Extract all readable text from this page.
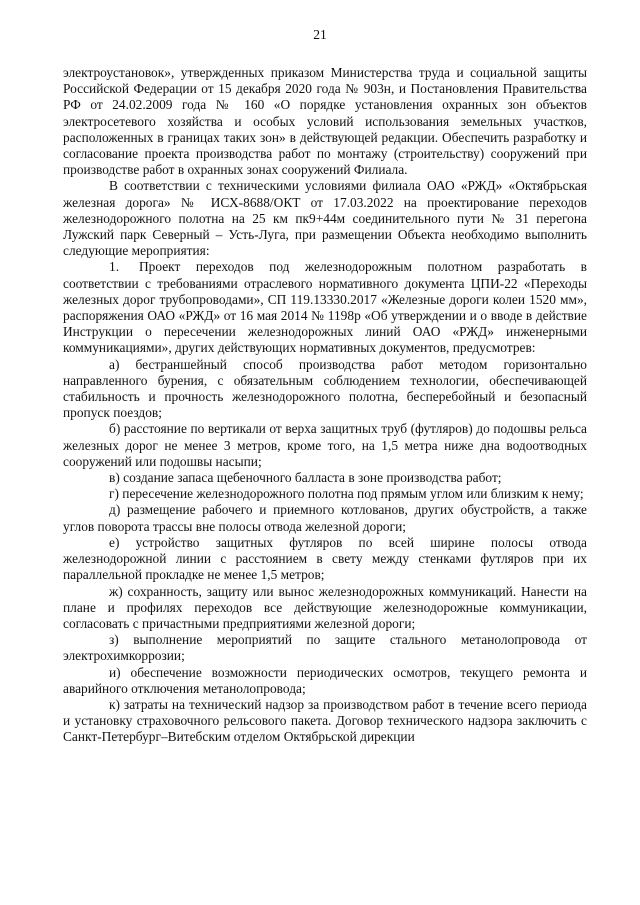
21

электроустановок», утвержденных приказом Министерства труда и социальной защиты Российской Федерации от 15 декабря 2020 года № 903н, и Постановления Правительства РФ от 24.02.2009 года № 160 «О порядке установления охранных зон объектов электросетевого хозяйства и особых условий использования земельных участков, расположенных в границах таких зон» в действующей редакции. Обеспечить разработку и согласование проекта производства работ по монтажу (строительству) сооружений при производстве работ в охранных зонах сооружений Филиала.

В соответствии с техническими условиями филиала ОАО «РЖД» «Октябрьская железная дорога» № ИСХ-8688/ОКТ от 17.03.2022 на проектирование переходов железнодорожного полотна на 25 км пк9+44м соединительного пути № 31 перегона Лужский парк Северный – Усть-Луга, при размещении Объекта необходимо выполнить следующие мероприятия:

1. Проект переходов под железнодорожным полотном разработать в соответствии с требованиями отраслевого нормативного документа ЦПИ-22 «Переходы железных дорог трубопроводами», СП 119.13330.2017 «Железные дороги колеи 1520 мм», распоряжения ОАО «РЖД» от 16 мая 2014 № 1198р «Об утверждении и о вводе в действие Инструкции о пересечении железнодорожных линий ОАО «РЖД» инженерными коммуникациями», других действующих нормативных документов, предусмотрев:

а) бестраншейный способ производства работ методом горизонтально направленного бурения, с обязательным соблюдением технологии, обеспечивающей стабильность и прочность железнодорожного полотна, бесперебойный и безопасный пропуск поездов;

б) расстояние по вертикали от верха защитных труб (футляров) до подошвы рельса железных дорог не менее 3 метров, кроме того, на 1,5 метра ниже дна водоотводных сооружений или подошвы насыпи;

в) создание запаса щебеночного балласта в зоне производства работ;

г) пересечение железнодорожного полотна под прямым углом или близким к нему;

д) размещение рабочего и приемного котлованов, других обустройств, а также углов поворота трассы вне полосы отвода железной дороги;

е) устройство защитных футляров по всей ширине полосы отвода железнодорожной линии с расстоянием в свету между стенками футляров при их параллельной прокладке не менее 1,5 метров;

ж) сохранность, защиту или вынос железнодорожных коммуникаций. Нанести на плане и профилях переходов все действующие железнодорожные коммуникации, согласовать с причастными предприятиями железной дороги;

з) выполнение мероприятий по защите стального метанолопровода от электрохимкоррозии;

и) обеспечение возможности периодических осмотров, текущего ремонта и аварийного отключения метанолопровода;

к) затраты на технический надзор за производством работ в течение всего периода и установку страховочного рельсового пакета. Договор технического надзора заключить с Санкт-Петербург–Витебским отделом Октябрьской дирекции
